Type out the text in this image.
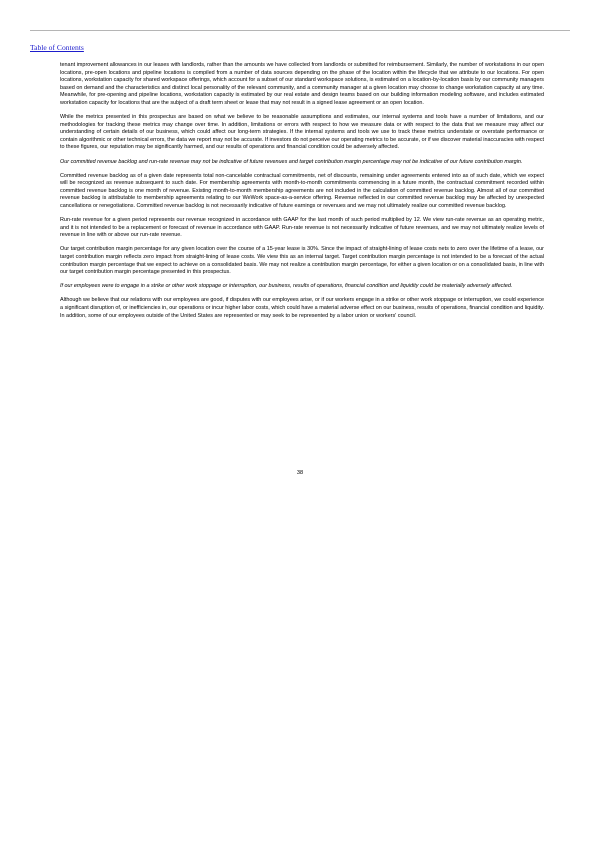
Table of Contents

tenant improvement allowances in our leases with landlords, rather than the amounts we have collected from landlords or submitted for reimbursement. Similarly, the number of workstations in our open locations, pre-open locations and pipeline locations is compiled from a number of data sources depending on the phase of the location within the lifecycle that we attribute to our locations. For open locations, workstation capacity for shared workspace offerings, which account for a subset of our standard workspace solutions, is estimated on a location-by-location basis by our community managers based on demand and the characteristics and distinct local personality of the relevant community, and a community manager at a given location may choose to change workstation capacity at any time. Meanwhile, for pre-opening and pipeline locations, workstation capacity is estimated by our real estate and design teams based on our building information modeling software, and includes estimated workstation capacity for locations that are the subject of a draft term sheet or lease that may not result in a signed lease agreement or an open location.

While the metrics presented in this prospectus are based on what we believe to be reasonable assumptions and estimates, our internal systems and tools have a number of limitations, and our methodologies for tracking these metrics may change over time. In addition, limitations or errors with respect to how we measure data or with respect to the data that we measure may affect our understanding of certain details of our business, which could affect our long-term strategies. If the internal systems and tools we use to track these metrics understate or overstate performance or contain algorithmic or other technical errors, the data we report may not be accurate. If investors do not perceive our operating metrics to be accurate, or if we discover material inaccuracies with respect to these figures, our reputation may be significantly harmed, and our results of operations and financial condition could be adversely affected.

Our committed revenue backlog and run-rate revenue may not be indicative of future revenues and target contribution margin percentage may not be indicative of our future contribution margin.

Committed revenue backlog as of a given date represents total non-cancelable contractual commitments, net of discounts, remaining under agreements entered into as of such date, which we expect will be recognized as revenue subsequent to such date. For membership agreements with month-to-month commitments commencing in a future month, the contractual commitment recorded within committed revenue backlog is one month of revenue. Existing month-to-month membership agreements are not included in the calculation of committed revenue backlog. Almost all of our committed revenue backlog is attributable to membership agreements relating to our WeWork space-as-a-service offering. Revenue reflected in our committed revenue backlog may be affected by unexpected cancellations or renegotiations. Committed revenue backlog is not necessarily indicative of future earnings or revenues and we may not ultimately realize our committed revenue backlog.

Run-rate revenue for a given period represents our revenue recognized in accordance with GAAP for the last month of such period multiplied by 12. We view run-rate revenue as an operating metric, and it is not intended to be a replacement or forecast of revenue in accordance with GAAP. Run-rate revenue is not necessarily indicative of future revenues, and we may not ultimately realize levels of revenue in line with or above our run-rate revenue.

Our target contribution margin percentage for any given location over the course of a 15-year lease is 30%. Since the impact of straight-lining of lease costs nets to zero over the lifetime of a lease, our target contribution margin reflects zero impact from straight-lining of lease costs. We view this as an internal target. Target contribution margin percentage is not intended to be a forecast of the actual contribution margin percentage that we expect to achieve on a consolidated basis. We may not realize a contribution margin percentage, for either a given location or on a consolidated basis, in line with our target contribution margin percentage presented in this prospectus.

If our employees were to engage in a strike or other work stoppage or interruption, our business, results of operations, financial condition and liquidity could be materially adversely affected.

Although we believe that our relations with our employees are good, if disputes with our employees arise, or if our workers engage in a strike or other work stoppage or interruption, we could experience a significant disruption of, or inefficiencies in, our operations or incur higher labor costs, which could have a material adverse effect on our business, results of operations, financial condition and liquidity. In addition, some of our employees outside of the United States are represented or may seek to be represented by a labor union or workers' council.

38
